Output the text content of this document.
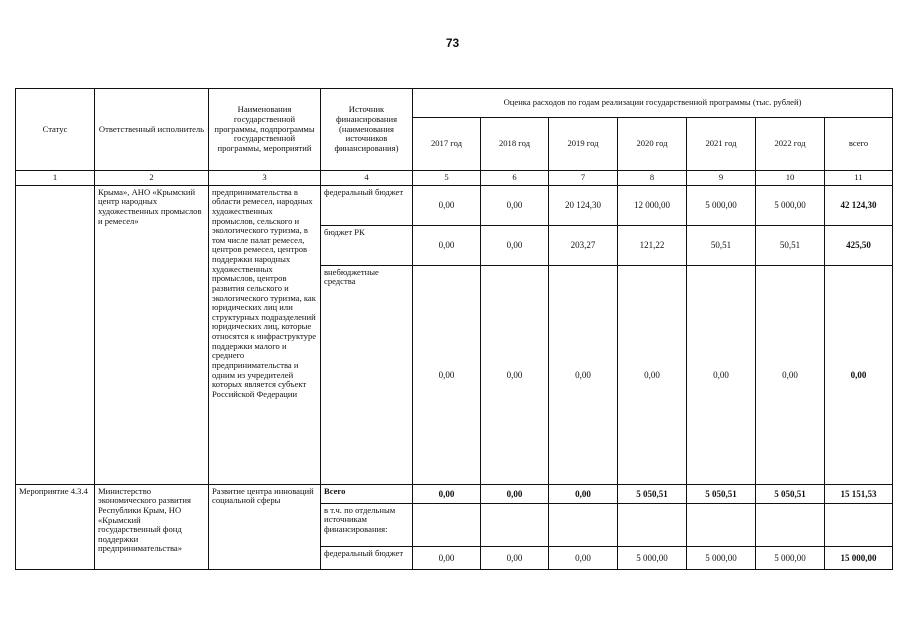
73
Статус	Ответственный исполнитель	Наименования государственной программы, подпрограммы государственной программы, мероприятий	Источник финансирования (наименования источников финансирования)	Оценка расходов по годам реализации государственной программы (тыс. рублей)						
				2017 год	2018 год	2019 год	2020 год	2021 год	2022 год	всего
1	2	3	4	5	6	7	8	9	10	11
	Крыма», АНО «Крымский центр народных художественных промыслов и ремесел»	предпринимательства в области ремесел, народных художественных промыслов, сельского и экологического туризма, в том числе палат ремесел, центров ремесел, центров поддержки народных художественных промыслов, центров развития сельского и экологического туризма, как юридических лиц или структурных подразделений юридических лиц, которые относятся к инфраструктуре поддержки малого и среднего предпринимательства и одним из учредителей которых является субъект Российской Федерации	федеральный бюджет	0,00	0,00	20 124,30	12 000,00	5 000,00	5 000,00	42 124,30
			бюджет РК	0,00	0,00	203,27	121,22	50,51	50,51	425,50
			внебюджетные средства	0,00	0,00	0,00	0,00	0,00	0,00	0,00
Мероприятие 4.3.4	Министерство экономического развития Республики Крым, НО «Крымский государственный фонд поддержки предпринимательства»	Развитие центра инноваций социальной сферы	Всего	0,00	0,00	0,00	5 050,51	5 050,51	5 050,51	15 151,53
			в т.ч. по отдельным источникам финансирования:							
			федеральный бюджет	0,00	0,00	0,00	5 000,00	5 000,00	5 000,00	15 000,00
